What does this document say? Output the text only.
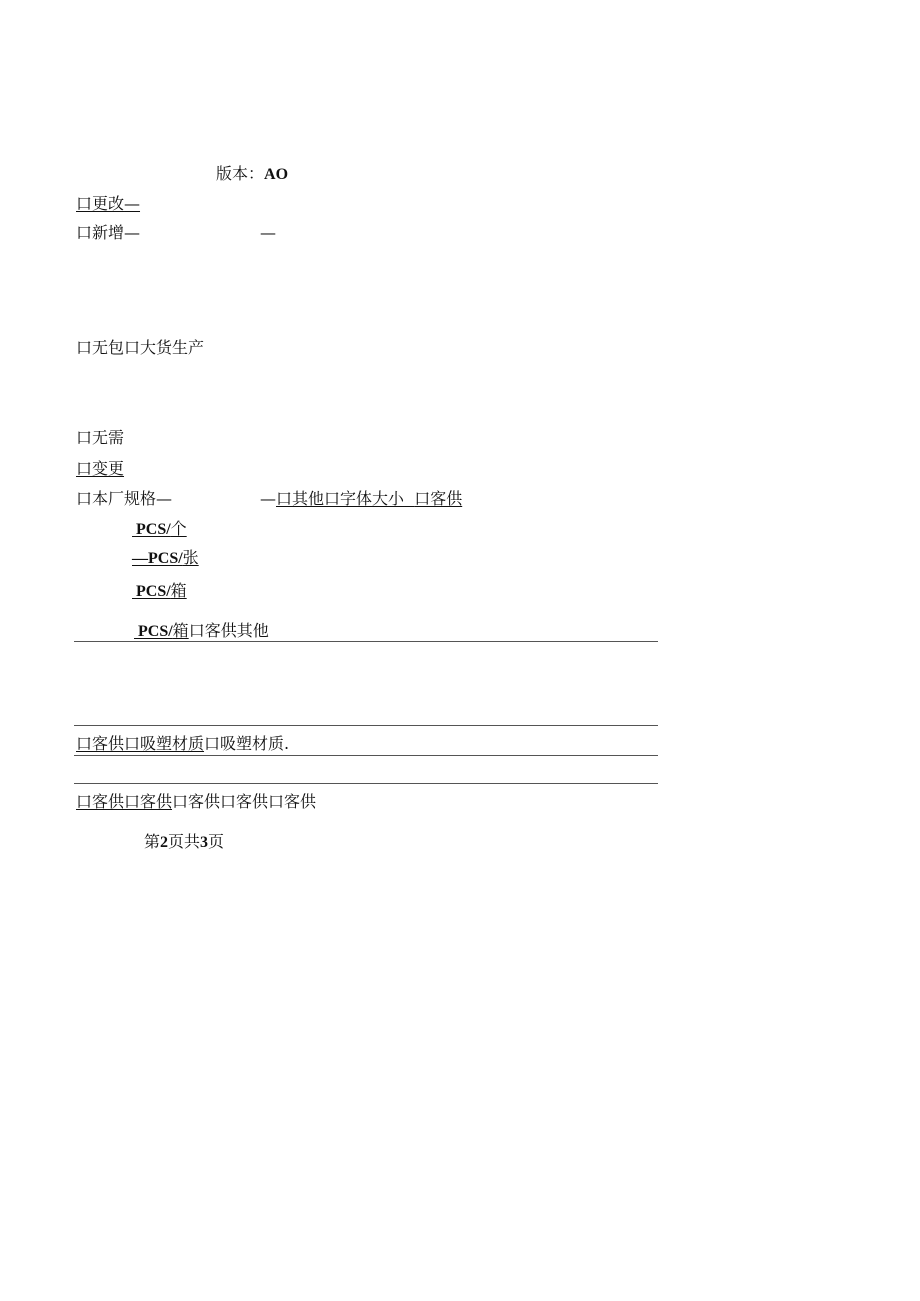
版本：AO
口更改—
口新增—	—
口无包口大货生产
口无需
口变更
口本厂规格—	—口其他口字体大小 口客供
PCS/个
—PCS/张
PCS/箱
PCS/箱口客供其他
口客供口吸塑材质口吸塑材质.
口客供口客供口客供口客供口客供
第2页共3页
